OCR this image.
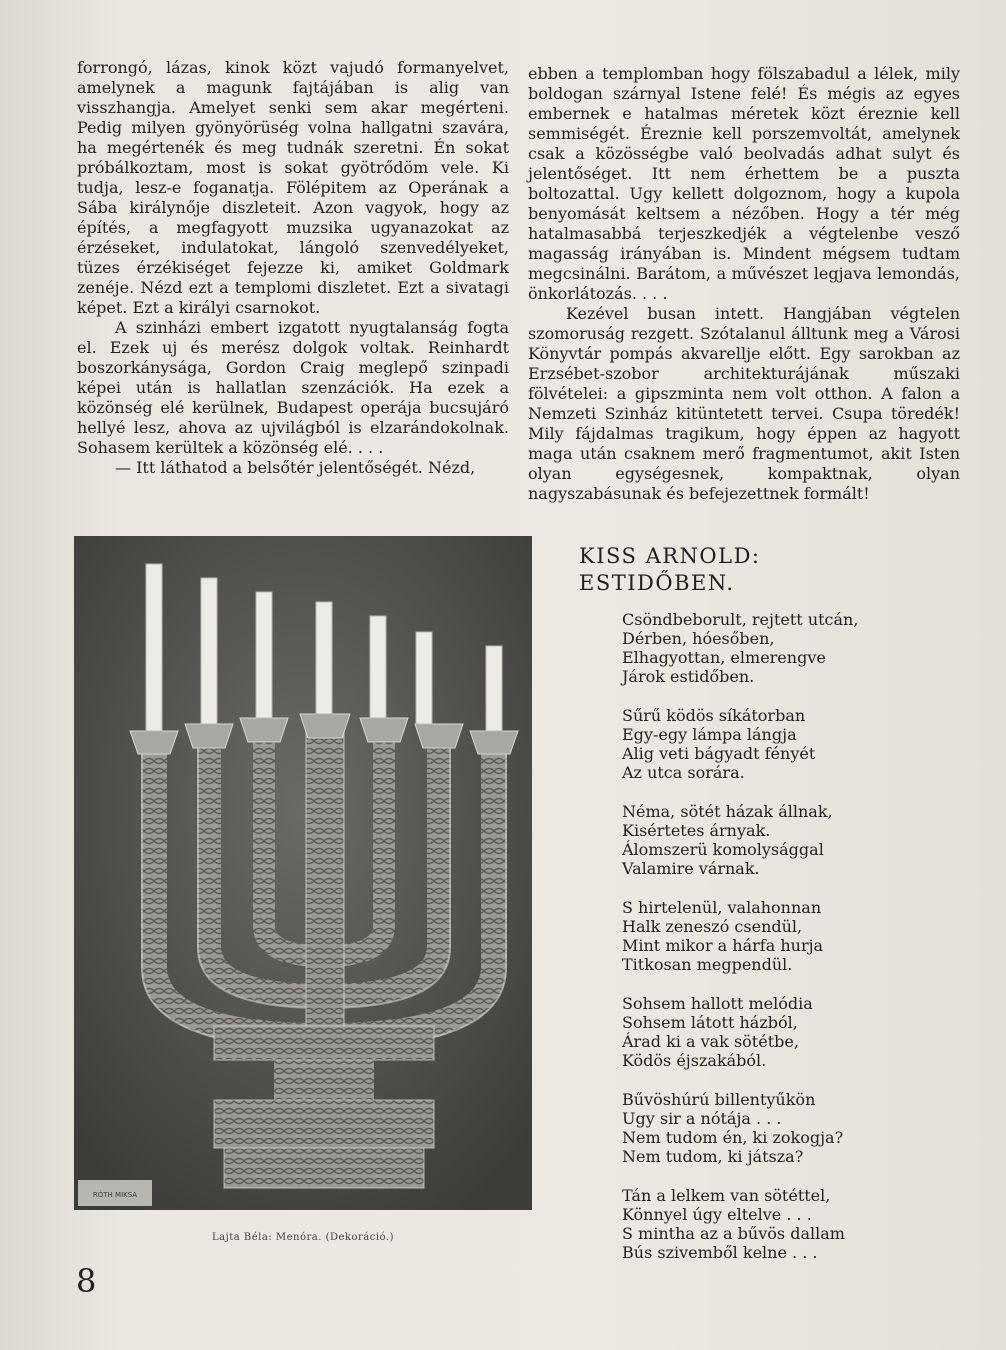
forrongó, lázas, kinok közt vajudó formanyelvet, amelynek a magunk fajtájában is alig van visszhangja. Amelyet senki sem akar megérteni. Pedig milyen gyönyörüség volna hallgatni szavára, ha megértenék és meg tudnák szeretni. Én sokat próbálkoztam, most is sokat gyötrődöm vele. Ki tudja, lesz-e foganatja. Fölépitem az Operának a Sába királynője diszleteit. Azon vagyok, hogy az építés, a megfagyott muzsika ugyanazokat az érzéseket, indulatokat, lángoló szenvedélyeket, tüzes érzékiséget fejezze ki, amiket Goldmark zenéje. Nézd ezt a templomi diszletet. Ezt a sivatagi képet. Ezt a királyi csarnokot.

A szinházi embert izgatott nyugtalanság fogta el. Ezek uj és merész dolgok voltak. Reinhardt boszorkánysága, Gordon Craig meglepő szinpadi képei után is hallatlan szenzációk. Ha ezek a közönség elé kerülnek, Budapest operája bucsujáró hellyé lesz, ahova az ujvilágból is elzarándokolnak. Sohasem kerültek a közönség elé. . . .

— Itt láthatod a belsőtér jelentőségét. Nézd,

ebben a templomban hogy fölszabadul a lélek, mily boldogan szárnyal Istene felé! És mégis az egyes embernek e hatalmas méretek közt éreznie kell semmiségét. Éreznie kell porszemvoltát, amelynek csak a közösségbe való beolvadás adhat sulyt és jelentőséget. Itt nem érhettem be a puszta boltozattal. Ugy kellett dolgoznom, hogy a kupola benyomását keltsem a nézőben. Hogy a tér még hatalmasabbá terjeszkedjék a végtelenbe vesző magasság irányában is. Mindent mégsem tudtam megcsinálni. Barátom, a művészet legjava lemondás, önkorlátozás. . . .

Kezével busan intett. Hangjában végtelen szomoruság rezgett. Szótalanul álltunk meg a Városi Könyvtár pompás akvarellje előtt. Egy sarokban az Erzsébet-szobor architekturájának műszaki fölvételei: a gipszminta nem volt otthon. A falon a Nemzeti Szinház kitüntetett tervei. Csupa töredék! Mily fájdalmas tragikum, hogy éppen az hagyott maga után csaknem merő fragmentumot, akit Isten olyan egységesnek, kompaktnak, olyan nagyszabásunak és befejezettnek formált!

RÓTH MIKSA
Lajta Béla: Menóra. (Dekoráció.)
KISS ARNOLD:
ESTIDŐBEN.
Csöndbeborult, rejtett utcán,
Dérben, hóesőben,
Elhagyottan, elmerengve
Járok estidőben.
Sűrű ködös síkátorban
Egy-egy lámpa lángja
Alig veti bágyadt fényét
Az utca sorára.
Néma, sötét házak állnak,
Kisértetes árnyak.
Álomszerü komolysággal
Valamire várnak.
S hirtelenül, valahonnan
Halk zeneszó csendül,
Mint mikor a hárfa hurja
Titkosan megpendül.
Sohsem hallott melódia
Sohsem látott házból,
Árad ki a vak sötétbe,
Ködös éjszakából.
Bűvöshúrú billentyűkön
Ugy sir a nótája . . .
Nem tudom én, ki zokogja?
Nem tudom, ki játsza?
Tán a lelkem van sötéttel,
Könnyel úgy eltelve . . .
S mintha az a bűvös dallam
Bús szivemből kelne . . .
8
